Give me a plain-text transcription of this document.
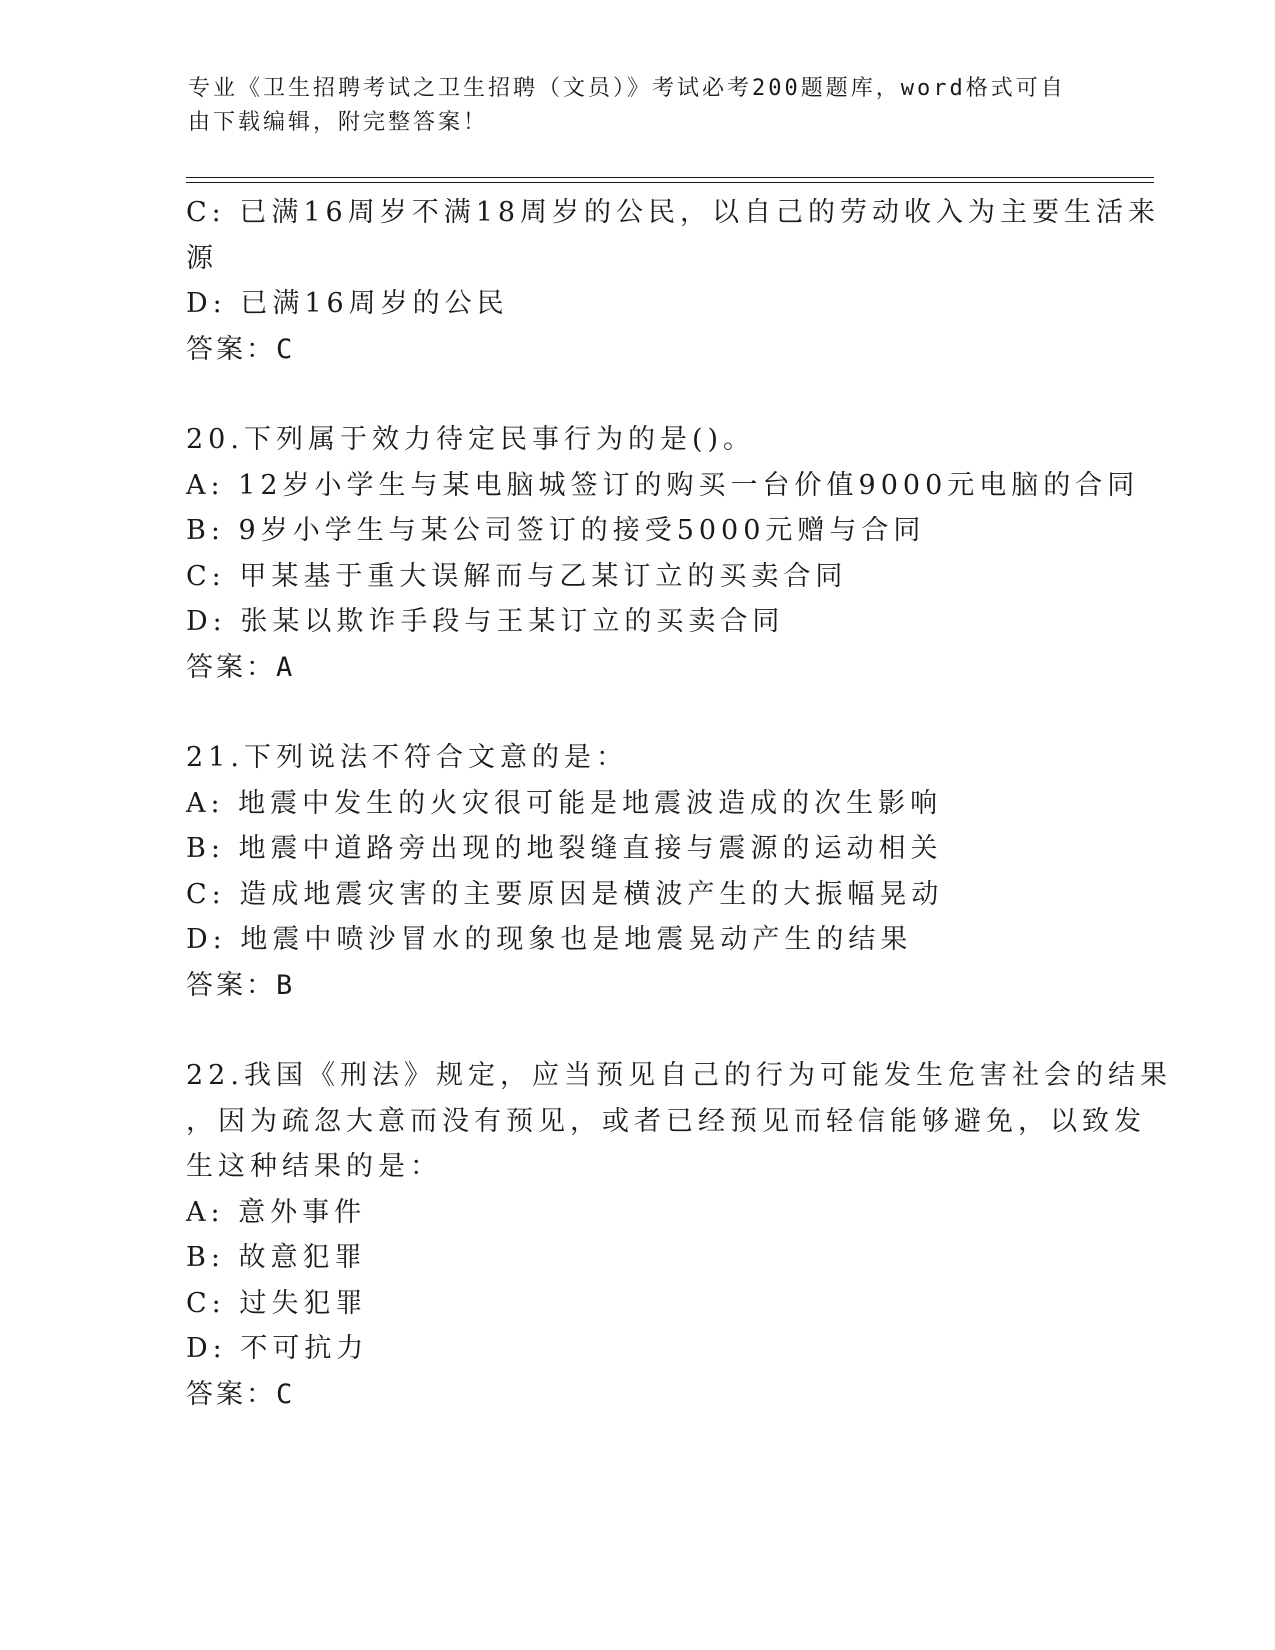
专业《卫生招聘考试之卫生招聘（文员）》考试必考200题题库，word格式可自
由下载编辑，附完整答案！
C: 已满16周岁不满18周岁的公民，以自己的劳动收入为主要生活来
源
D: 已满16周岁的公民
答案：C
20.下列属于效力待定民事行为的是()。
A: 12岁小学生与某电脑城签订的购买一台价值9000元电脑的合同
B: 9岁小学生与某公司签订的接受5000元赠与合同
C: 甲某基于重大误解而与乙某订立的买卖合同
D: 张某以欺诈手段与王某订立的买卖合同
答案：A
21.下列说法不符合文意的是：
A: 地震中发生的火灾很可能是地震波造成的次生影响
B: 地震中道路旁出现的地裂缝直接与震源的运动相关
C: 造成地震灾害的主要原因是横波产生的大振幅晃动
D: 地震中喷沙冒水的现象也是地震晃动产生的结果
答案：B
22.我国《刑法》规定，应当预见自己的行为可能发生危害社会的结果
，因为疏忽大意而没有预见，或者已经预见而轻信能够避免，以致发
生这种结果的是：
A: 意外事件
B: 故意犯罪
C: 过失犯罪
D: 不可抗力
答案：C
